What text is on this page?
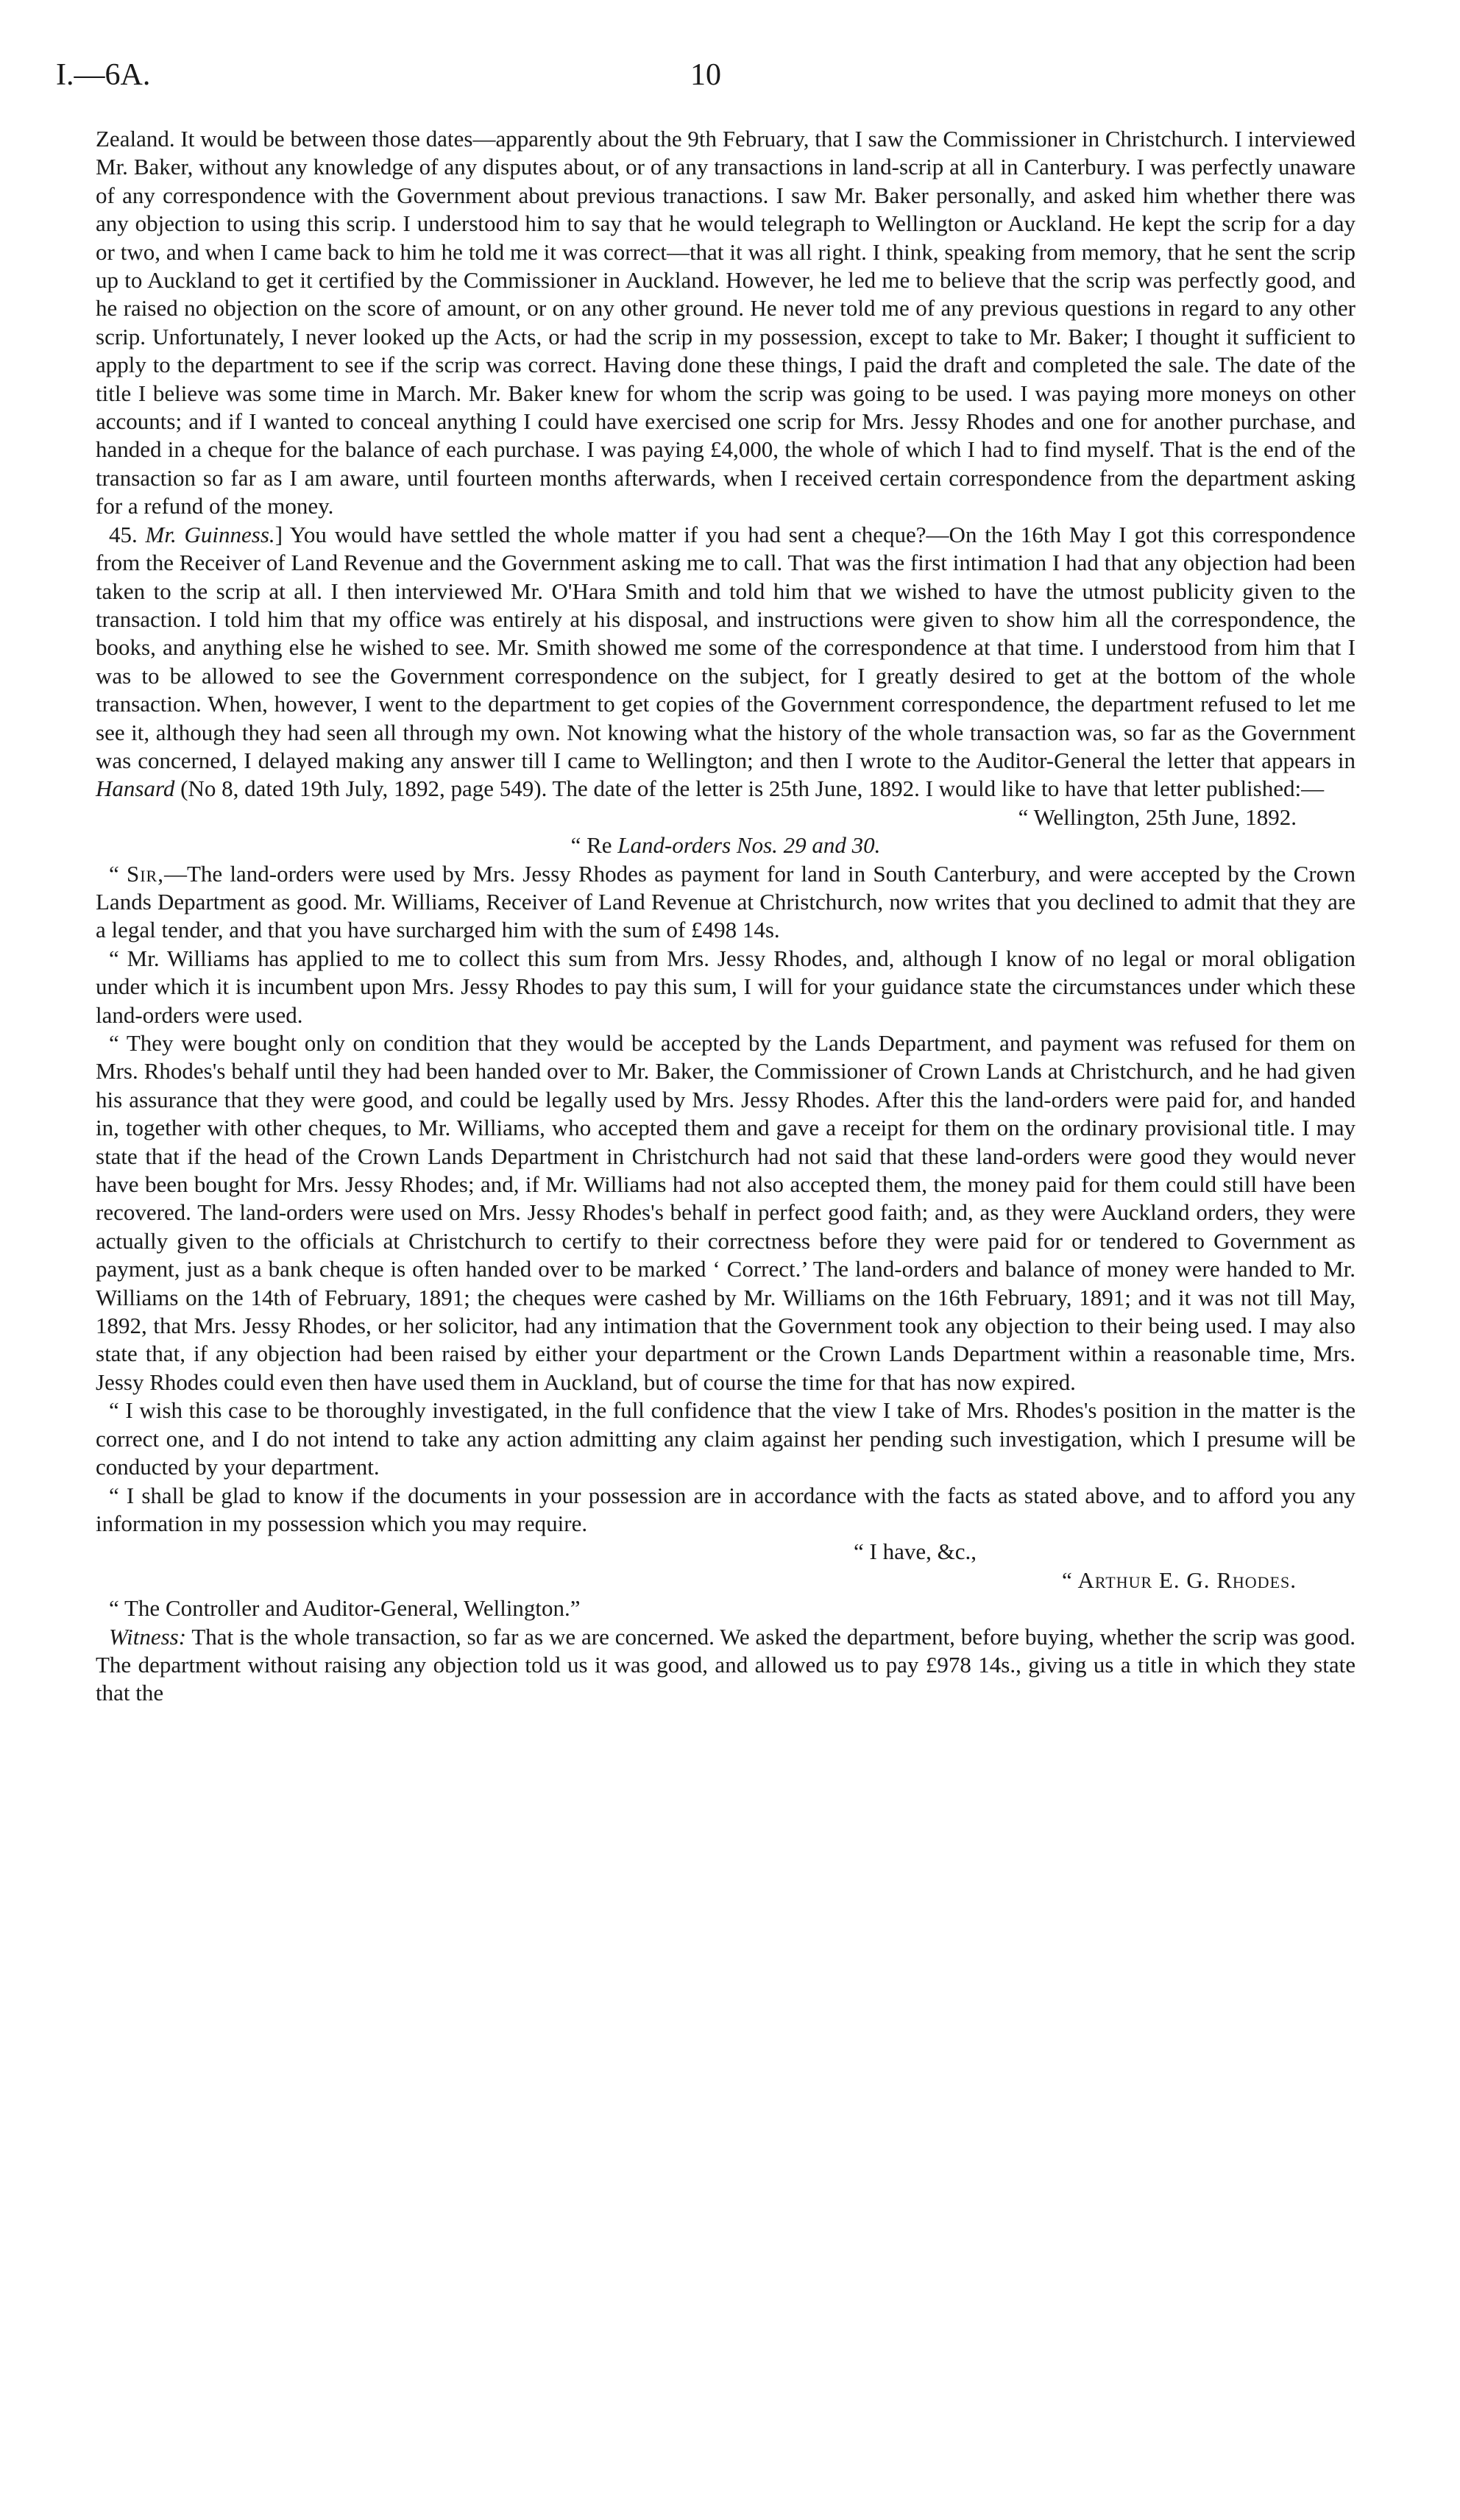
I.—6A.	10

Zealand. It would be between those dates—apparently about the 9th February, that I saw the Commissioner in Christchurch. I interviewed Mr. Baker, without any knowledge of any disputes about, or of any transactions in land-scrip at all in Canterbury. I was perfectly unaware of any correspondence with the Government about previous tranactions. I saw Mr. Baker personally, and asked him whether there was any objection to using this scrip. I understood him to say that he would telegraph to Wellington or Auckland. He kept the scrip for a day or two, and when I came back to him he told me it was correct—that it was all right. I think, speaking from memory, that he sent the scrip up to Auckland to get it certified by the Commissioner in Auckland. However, he led me to believe that the scrip was perfectly good, and he raised no objection on the score of amount, or on any other ground. He never told me of any previous questions in regard to any other scrip. Unfortunately, I never looked up the Acts, or had the scrip in my possession, except to take to Mr. Baker; I thought it sufficient to apply to the department to see if the scrip was correct. Having done these things, I paid the draft and completed the sale. The date of the title I believe was some time in March. Mr. Baker knew for whom the scrip was going to be used. I was paying more moneys on other accounts; and if I wanted to conceal anything I could have exercised one scrip for Mrs. Jessy Rhodes and one for another purchase, and handed in a cheque for the balance of each purchase. I was paying £4,000, the whole of which I had to find myself. That is the end of the transaction so far as I am aware, until fourteen months afterwards, when I received certain correspondence from the department asking for a refund of the money.

45. Mr. Guinness.] You would have settled the whole matter if you had sent a cheque?—On the 16th May I got this correspondence from the Receiver of Land Revenue and the Government asking me to call. That was the first intimation I had that any objection had been taken to the scrip at all. I then interviewed Mr. O'Hara Smith and told him that we wished to have the utmost publicity given to the transaction. I told him that my office was entirely at his disposal, and instructions were given to show him all the correspondence, the books, and anything else he wished to see. Mr. Smith showed me some of the correspondence at that time. I understood from him that I was to be allowed to see the Government correspondence on the subject, for I greatly desired to get at the bottom of the whole transaction. When, however, I went to the department to get copies of the Government correspondence, the department refused to let me see it, although they had seen all through my own. Not knowing what the history of the whole transaction was, so far as the Government was concerned, I delayed making any answer till I came to Wellington; and then I wrote to the Auditor-General the letter that appears in Hansard (No 8, dated 19th July, 1892, page 549). The date of the letter is 25th June, 1892. I would like to have that letter published:—

“ Wellington, 25th June, 1892.

“ Re Land-orders Nos. 29 and 30.

“ Sir,—The land-orders were used by Mrs. Jessy Rhodes as payment for land in South Canterbury, and were accepted by the Crown Lands Department as good. Mr. Williams, Receiver of Land Revenue at Christchurch, now writes that you declined to admit that they are a legal tender, and that you have surcharged him with the sum of £498 14s.

“ Mr. Williams has applied to me to collect this sum from Mrs. Jessy Rhodes, and, although I know of no legal or moral obligation under which it is incumbent upon Mrs. Jessy Rhodes to pay this sum, I will for your guidance state the circumstances under which these land-orders were used.

“ They were bought only on condition that they would be accepted by the Lands Department, and payment was refused for them on Mrs. Rhodes's behalf until they had been handed over to Mr. Baker, the Commissioner of Crown Lands at Christchurch, and he had given his assurance that they were good, and could be legally used by Mrs. Jessy Rhodes. After this the land-orders were paid for, and handed in, together with other cheques, to Mr. Williams, who accepted them and gave a receipt for them on the ordinary provisional title. I may state that if the head of the Crown Lands Department in Christchurch had not said that these land-orders were good they would never have been bought for Mrs. Jessy Rhodes; and, if Mr. Williams had not also accepted them, the money paid for them could still have been recovered. The land-orders were used on Mrs. Jessy Rhodes's behalf in perfect good faith; and, as they were Auckland orders, they were actually given to the officials at Christchurch to certify to their correctness before they were paid for or tendered to Government as payment, just as a bank cheque is often handed over to be marked ‘ Correct.’ The land-orders and balance of money were handed to Mr. Williams on the 14th of February, 1891; the cheques were cashed by Mr. Williams on the 16th February, 1891; and it was not till May, 1892, that Mrs. Jessy Rhodes, or her solicitor, had any intimation that the Government took any objection to their being used. I may also state that, if any objection had been raised by either your department or the Crown Lands Department within a reasonable time, Mrs. Jessy Rhodes could even then have used them in Auckland, but of course the time for that has now expired.

“ I wish this case to be thoroughly investigated, in the full confidence that the view I take of Mrs. Rhodes's position in the matter is the correct one, and I do not intend to take any action admitting any claim against her pending such investigation, which I presume will be conducted by your department.

“ I shall be glad to know if the documents in your possession are in accordance with the facts as stated above, and to afford you any information in my possession which you may require.

“ I have, &c.,

“ Arthur E. G. Rhodes.

“ The Controller and Auditor-General, Wellington.”

Witness: That is the whole transaction, so far as we are concerned. We asked the department, before buying, whether the scrip was good. The department without raising any objection told us it was good, and allowed us to pay £978 14s., giving us a title in which they state that the
